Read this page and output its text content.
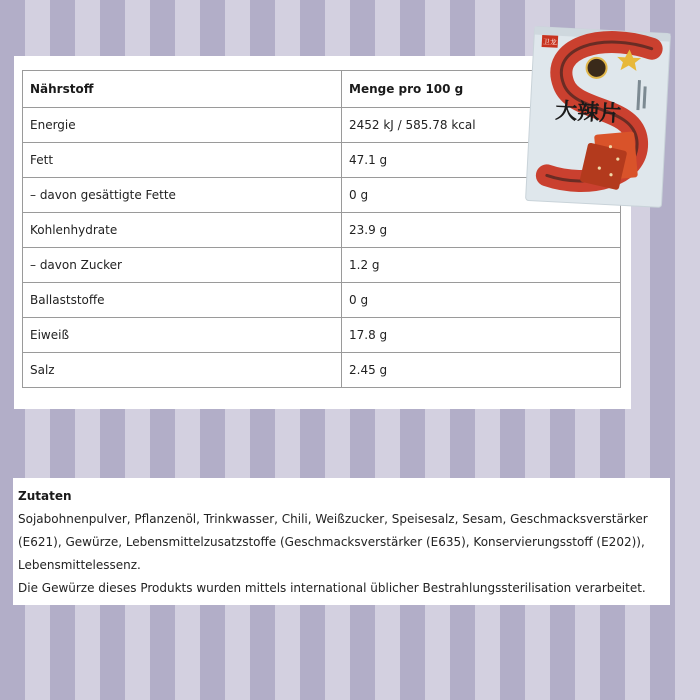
Nährstoff	Menge pro 100 g
Energie	2452 kJ / 585.78 kcal
Fett	47.1 g
– davon gesättigte Fette	0 g
Kohlenhydrate	23.9 g
– davon Zucker	1.2 g
Ballaststoffe	0 g
Eiweiß	17.8 g
Salz	2.45 g
卫龙
大辣片
Zutaten
Sojabohnenpulver, Pflanzenöl, Trinkwasser, Chili, Weißzucker, Speisesalz, Sesam, Geschmacksverstärker (E621), Gewürze, Lebensmittelzusatzstoffe (Geschmacksverstärker (E635), Konservierungsstoff (E202)), Lebensmittelessenz.
Die Gewürze dieses Produkts wurden mittels international üblicher Bestrahlungssterilisation verarbeitet.
